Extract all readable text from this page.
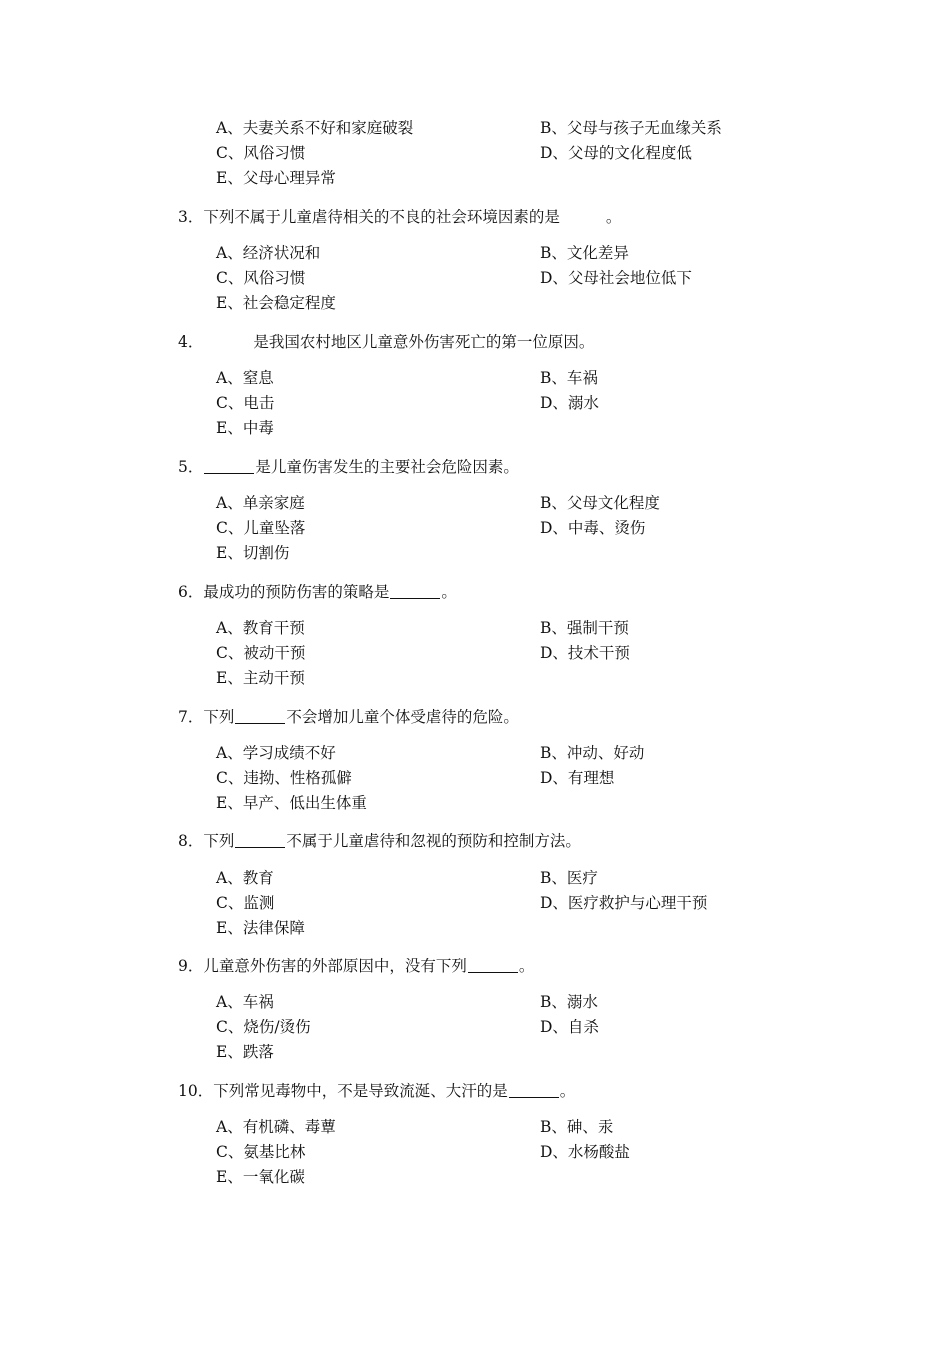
A、夫妻关系不好和家庭破裂	B、父母与孩子无血缘关系
C、风俗习惯	D、父母的文化程度低
E、父母心理异常
3．下列不属于儿童虐待相关的不良的社会环境因素的是	。
A、经济状况和	B、文化差异
C、风俗习惯	D、父母社会地位低下
E、社会稳定程度
4．	是我国农村地区儿童意外伤害死亡的第一位原因。
A、窒息	B、车祸
C、电击	D、溺水
E、中毒
5．	是儿童伤害发生的主要社会危险因素。
A、单亲家庭	B、父母文化程度
C、儿童坠落	D、中毒、烫伤
E、切割伤
6．最成功的预防伤害的策略是	。
A、教育干预	B、强制干预
C、被动干预	D、技术干预
E、主动干预
7．下列	不会增加儿童个体受虐待的危险。
A、学习成绩不好	B、冲动、好动
C、违拗、性格孤僻	D、有理想
E、早产、低出生体重
8．下列	不属于儿童虐待和忽视的预防和控制方法。
A、教育	B、医疗
C、监测	D、医疗救护与心理干预
E、法律保障
9．儿童意外伤害的外部原因中，没有下列	。
A、车祸	B、溺水
C、烧伤/烫伤	D、自杀
E、跌落
10．下列常见毒物中，不是导致流涎、大汗的是	。
A、有机磷、毒蕈	B、砷、汞
C、氨基比林	D、水杨酸盐
E、一氧化碳
